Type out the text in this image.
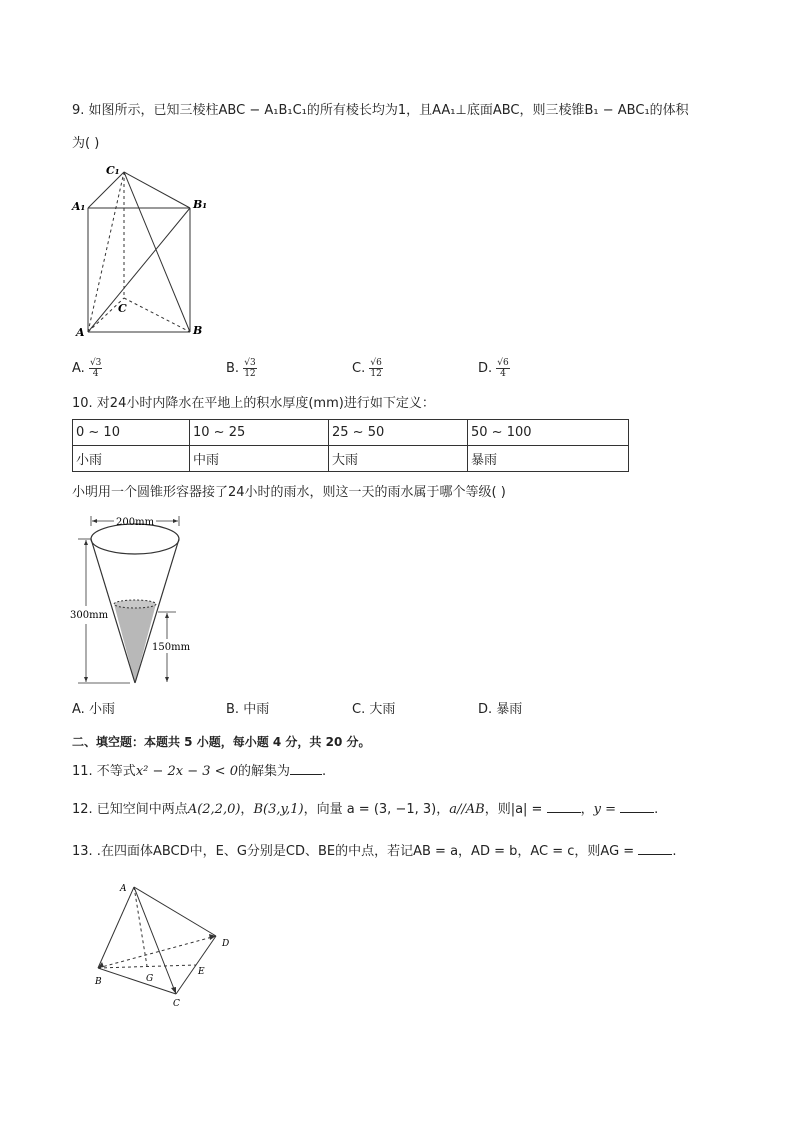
9. 如图所示，已知三棱柱ABC − A₁B₁C₁的所有棱长均为1，且AA₁⊥底面ABC，则三棱锥B₁ − ABC₁的体积
为( )
C₁
A₁	B₁
A	B
C
A. $\frac{√3}{4}$	B. $\frac{√3}{12}$	C. $\frac{√6}{12}$	D. $\frac{√6}{4}$
10. 对24小时内降水在平地上的积水厚度(mm)进行如下定义：
0 ~ 10	10 ~ 25	25 ~ 50	50 ~ 100
小雨	中雨	大雨	暴雨
小明用一个圆锥形容器接了24小时的雨水，则这一天的雨水属于哪个等级( )
200mm
300mm
150mm
A. 小雨	B. 中雨	C. 大雨	D. 暴雨
二、填空题：本题共 5 小题，每小题 4 分，共 20 分。
11. 不等式x² − 2x − 3 < 0的解集为 .
12. 已知空间中两点A(2,2,0)，B(3,y,1)，向量 a = (3, −1, 3)，a//AB，则|a| =	，y =	.
13. .在四面体ABCD中，E、G分别是CD、BE的中点，若记AB = a，AD = b，AC = c，则AG =	.
A
B
C
D
E
G
